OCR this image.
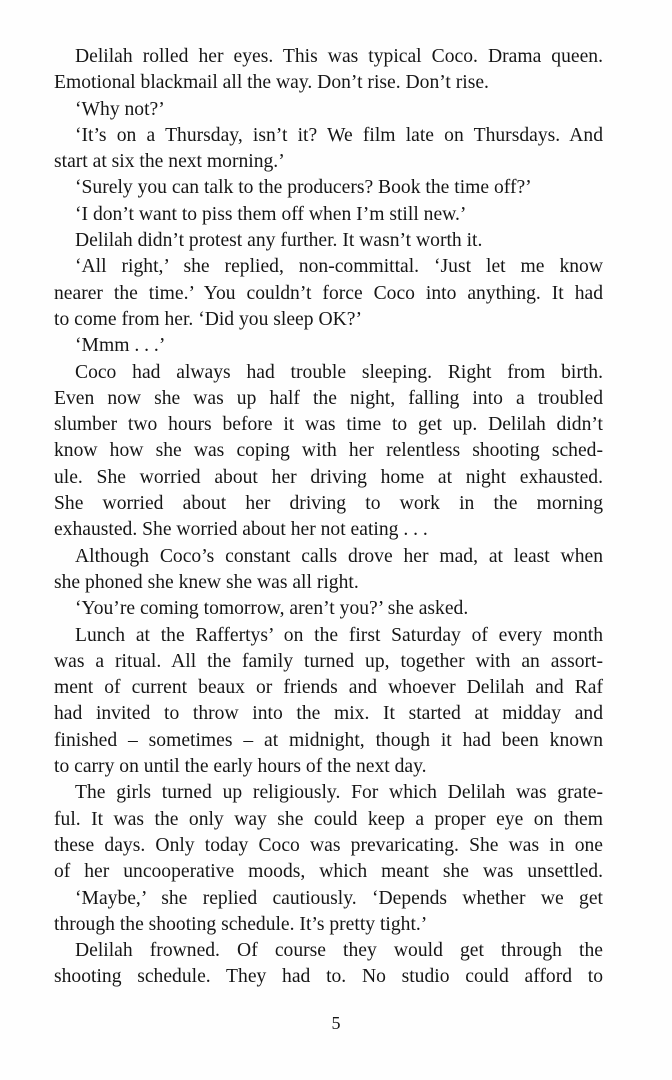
Delilah rolled her eyes. This was typical Coco. Drama queen.
Emotional blackmail all the way. Don’t rise. Don’t rise.
‘Why not?’
‘It’s on a Thursday, isn’t it? We film late on Thursdays. And
start at six the next morning.’
‘Surely you can talk to the producers? Book the time off?’
‘I don’t want to piss them off when I’m still new.’
Delilah didn’t protest any further. It wasn’t worth it.
‘All right,’ she replied, non-committal. ‘Just let me know
nearer the time.’ You couldn’t force Coco into anything. It had
to come from her. ‘Did you sleep OK?’
‘Mmm . . .’
Coco had always had trouble sleeping. Right from birth.
Even now she was up half the night, falling into a troubled
slumber two hours before it was time to get up. Delilah didn’t
know how she was coping with her relentless shooting sched-
ule. She worried about her driving home at night exhausted.
She worried about her driving to work in the morning
exhausted. She worried about her not eating . . .
Although Coco’s constant calls drove her mad, at least when
she phoned she knew she was all right.
‘You’re coming tomorrow, aren’t you?’ she asked.
Lunch at the Raffertys’ on the first Saturday of every month
was a ritual. All the family turned up, together with an assort-
ment of current beaux or friends and whoever Delilah and Raf
had invited to throw into the mix. It started at midday and
finished – sometimes – at midnight, though it had been known
to carry on until the early hours of the next day.
The girls turned up religiously. For which Delilah was grate-
ful. It was the only way she could keep a proper eye on them
these days. Only today Coco was prevaricating. She was in one
of her uncooperative moods, which meant she was unsettled.
‘Maybe,’ she replied cautiously. ‘Depends whether we get
through the shooting schedule. It’s pretty tight.’
Delilah frowned. Of course they would get through the
shooting schedule. They had to. No studio could afford to
5
